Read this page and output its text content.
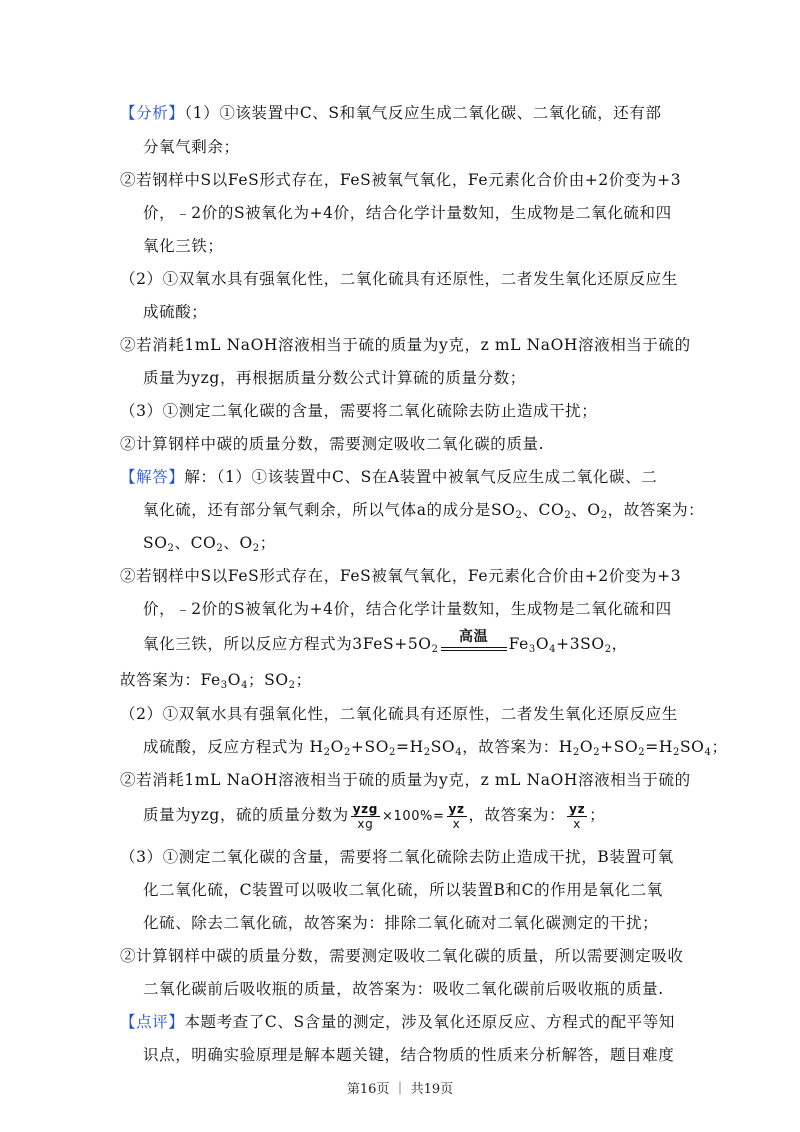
【分析】（1）①该装置中C、S和氧气反应生成二氧化碳、二氧化硫，还有部
分氧气剩余；
②若钢样中S以FeS形式存在，FeS被氧气氧化，Fe元素化合价由+2价变为+3
价，﹣2价的S被氧化为+4价，结合化学计量数知，生成物是二氧化硫和四
氧化三铁；
（2）①双氧水具有强氧化性，二氧化硫具有还原性，二者发生氧化还原反应生
成硫酸；
②若消耗1mL NaOH溶液相当于硫的质量为y克，z mL NaOH溶液相当于硫的
质量为yzg，再根据质量分数公式计算硫的质量分数；
（3）①测定二氧化碳的含量，需要将二氧化硫除去防止造成干扰；
②计算钢样中碳的质量分数，需要测定吸收二氧化碳的质量.
【解答】解：（1）①该装置中C、S在A装置中被氧气反应生成二氧化碳、二
氧化硫，还有部分氧气剩余，所以气体a的成分是$SO_2$、$CO_2$、$O_2$，故答案为：
$SO_2$、$CO_2$、$O_2$；
②若钢样中S以FeS形式存在，FeS被氧气氧化，Fe元素化合价由+2价变为+3
价，﹣2价的S被氧化为+4价，结合化学计量数知，生成物是二氧化硫和四
氧化三铁，所以反应方程式为$3FeS+5O_2$
高温	$Fe_3O_4+3SO_2$，
故答案为：$Fe_3O_4$；$SO_2$；
（2）①双氧水具有强氧化性，二氧化硫具有还原性，二者发生氧化还原反应生
成硫酸，反应方程式为 $H_2O_2+SO_2=H_2SO_4$，故答案为：$H_2O_2+SO_2=H_2SO_4$；
②若消耗1mL NaOH溶液相当于硫的质量为y克，z mL NaOH溶液相当于硫的
质量为yzg，硫的质量分数为 $\frac{\text{yzg}}{xg} \times 100\%= \frac{yz}{x}$ ，故答案为： $\frac{yz}{x}$ ；
（3）①测定二氧化碳的含量，需要将二氧化硫除去防止造成干扰，B装置可氧
化二氧化硫，C装置可以吸收二氧化硫，所以装置B和C的作用是氧化二氧
化硫、除去二氧化硫，故答案为：排除二氧化硫对二氧化碳测定的干扰；
②计算钢样中碳的质量分数，需要测定吸收二氧化碳的质量，所以需要测定吸收
二氧化碳前后吸收瓶的质量，故答案为：吸收二氧化碳前后吸收瓶的质量.
【点评】本题考查了C、S含量的测定，涉及氧化还原反应、方程式的配平等知
识点，明确实验原理是解本题关键，结合物质的性质来分析解答，题目难度
第16页 ｜ 共19页
